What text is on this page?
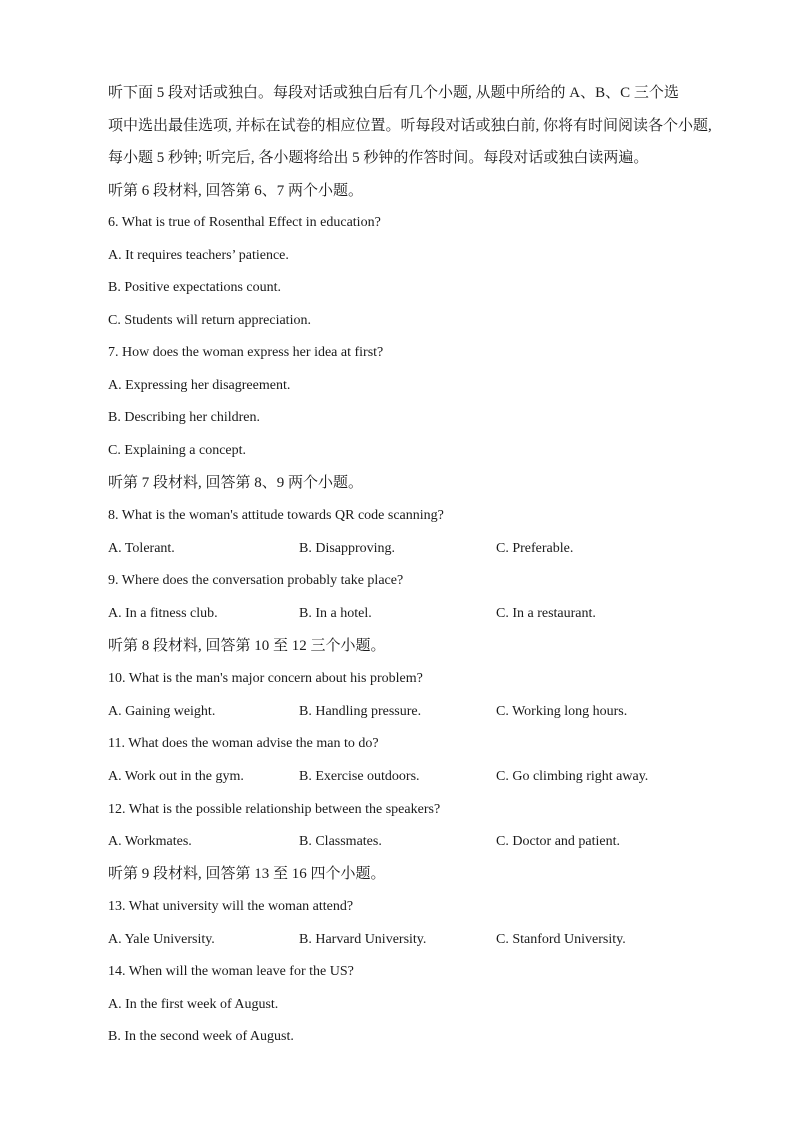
听下面 5 段对话或独白。每段对话或独白后有几个小题, 从题中所给的 A、B、C 三个选
项中选出最佳选项, 并标在试卷的相应位置。听每段对话或独白前, 你将有时间阅读各个小题,
每小题 5 秒钟; 听完后, 各小题将给出 5 秒钟的作答时间。每段对话或独白读两遍。
听第 6 段材料, 回答第 6、7 两个小题。
6. What is true of Rosenthal Effect in education?
A. It requires teachers’ patience.
B. Positive expectations count.
C. Students will return appreciation.
7. How does the woman express her idea at first?
A. Expressing her disagreement.
B. Describing her children.
C. Explaining a concept.
听第 7 段材料, 回答第 8、9 两个小题。
8. What is the woman's attitude towards QR code scanning?
A. Tolerant.	B. Disapproving.	C. Preferable.
9. Where does the conversation probably take place?
A. In a fitness club.	B. In a hotel.	C. In a restaurant.
听第 8 段材料, 回答第 10 至 12 三个小题。
10. What is the man's major concern about his problem?
A. Gaining weight.	B. Handling pressure.	C. Working long hours.
11. What does the woman advise the man to do?
A. Work out in the gym.	B. Exercise outdoors.	C. Go climbing right away.
12. What is the possible relationship between the speakers?
A. Workmates.	B. Classmates.	C. Doctor and patient.
听第 9 段材料, 回答第 13 至 16 四个小题。
13. What university will the woman attend?
A. Yale University.	B. Harvard University.	C. Stanford University.
14. When will the woman leave for the US?
A. In the first week of August.
B. In the second week of August.
